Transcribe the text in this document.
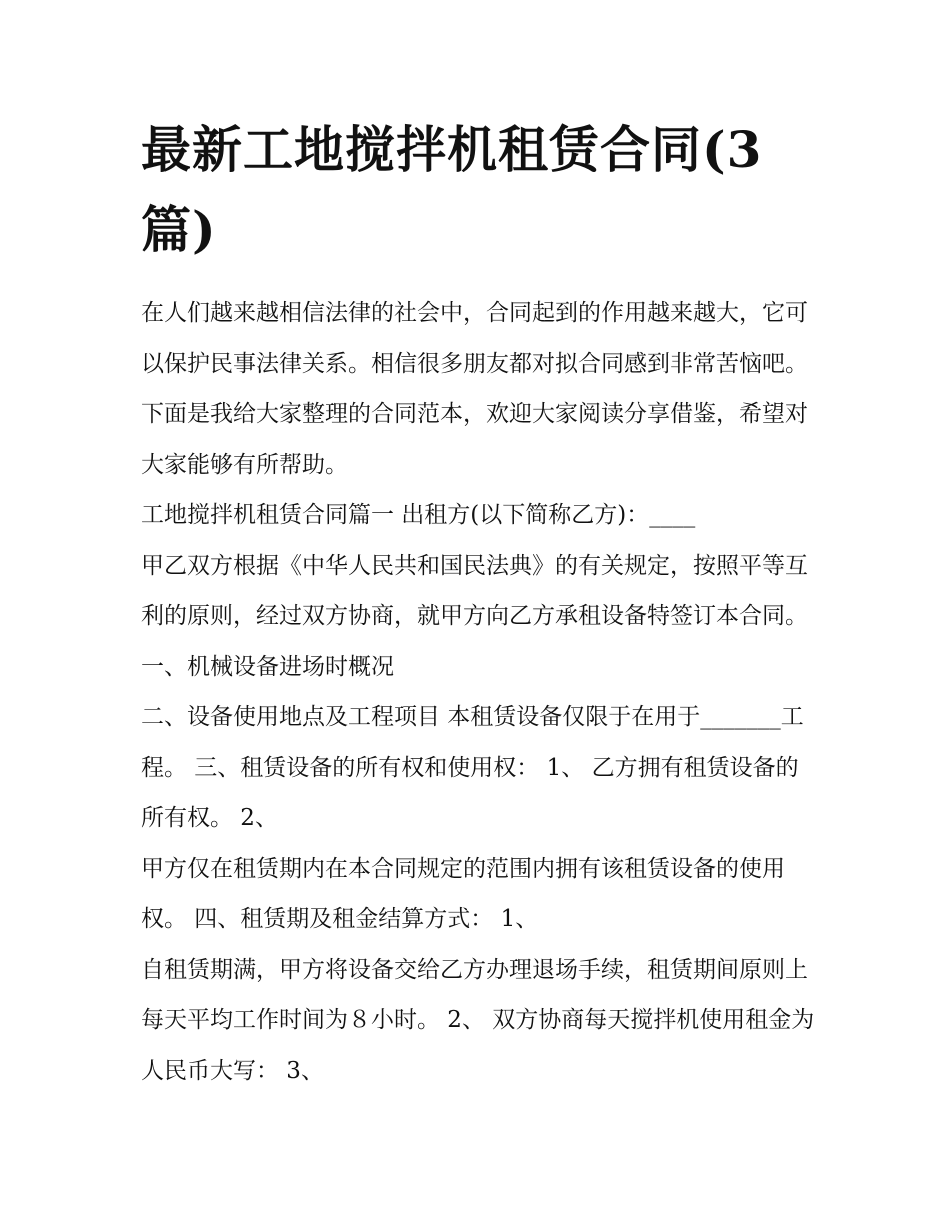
最新工地搅拌机租赁合同(3篇)

在人们越来越相信法律的社会中，合同起到的作用越来越大，它可以保护民事法律关系。相信很多朋友都对拟合同感到非常苦恼吧。下面是我给大家整理的合同范本，欢迎大家阅读分享借鉴，希望对大家能够有所帮助。

工地搅拌机租赁合同篇一 出租方(以下简称乙方)：____

甲乙双方根据《中华人民共和国民法典》的有关规定，按照平等互利的原则，经过双方协商，就甲方向乙方承租设备特签订本合同。 一、机械设备进场时概况

二、设备使用地点及工程项目 本租赁设备仅限于在用于_______工程。 三、租赁设备的所有权和使用权： 1、 乙方拥有租赁设备的所有权。 2、

甲方仅在租赁期内在本合同规定的范围内拥有该租赁设备的使用权。 四、租赁期及租金结算方式： 1、

自租赁期满，甲方将设备交给乙方办理退场手续，租赁期间原则上每天平均工作时间为８小时。 2、 双方协商每天搅拌机使用租金为人民币大写： 3、
